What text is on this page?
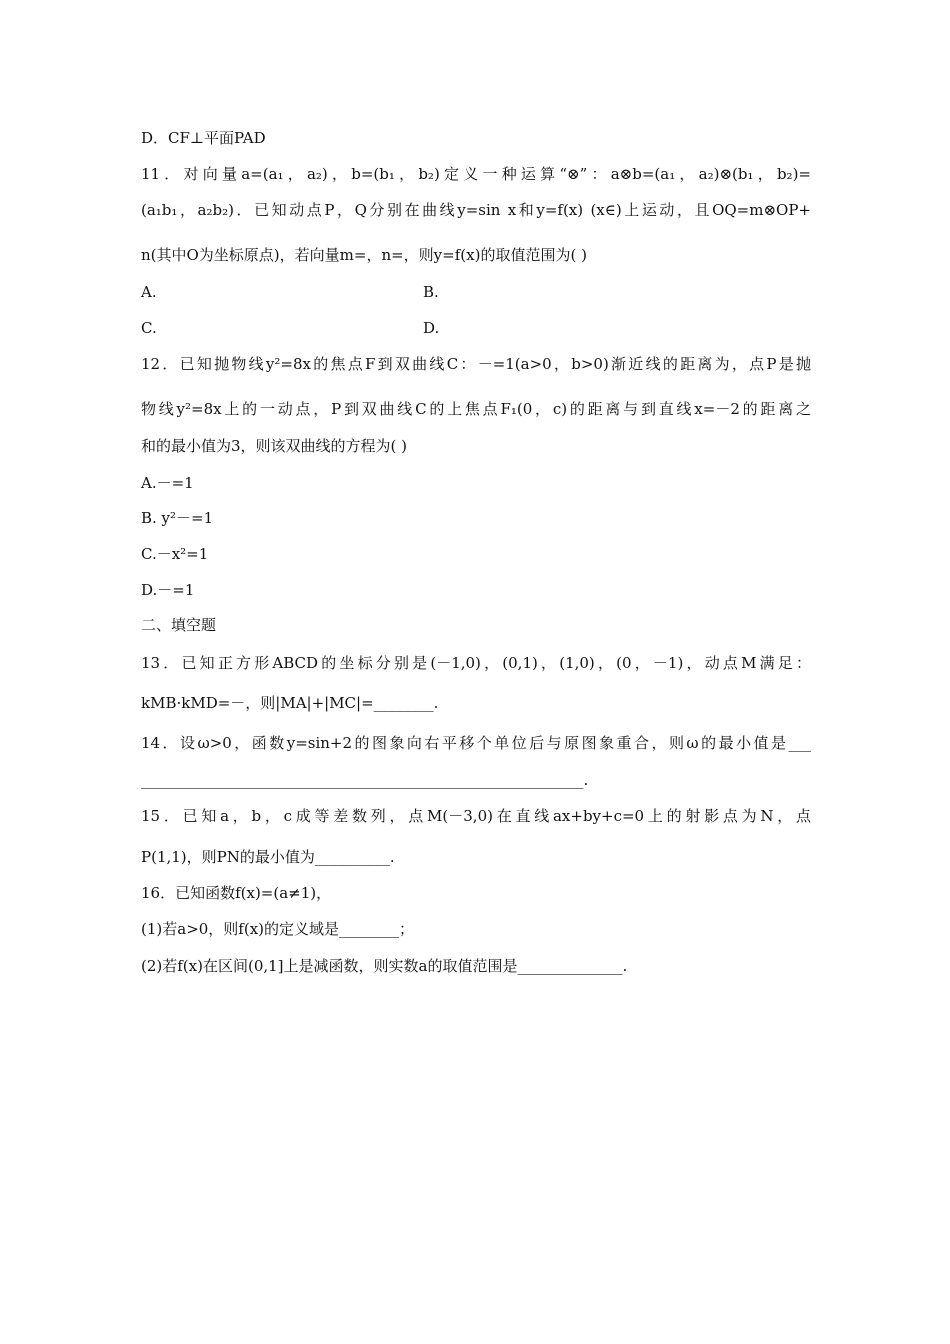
D．CF⊥平面PAD
11．对向量a=(a₁，a₂)，b=(b₁，b₂)定义一种运算“⊗”：a⊗b=(a₁，a₂)⊗(b₁，b₂)=
(a₁b₁，a₂b₂)．已知动点P，Q分别在曲线y=sin x和y=f(x) (x∈)上运动，且OQ=m⊗OP+
n(其中O为坐标原点)，若向量m=，n=，则y=f(x)的取值范围为( )
A.	B.
C.	D.
12．已知抛物线y²=8x的焦点F到双曲线C：－=1(a>0，b>0)渐近线的距离为，点P是抛
物线y²=8x上的一动点，P到双曲线C的上焦点F₁(0，c)的距离与到直线x=－2的距离之
和的最小值为3，则该双曲线的方程为( )
A.－=1
B. y²－=1
C.－x²=1
D.－=1
二、填空题
13．已知正方形ABCD的坐标分别是(－1,0)，(0,1)，(1,0)，(0，－1)，动点M满足：
kMB·kMD=－，则|MA|+|MC|=________.
14．设ω>0，函数y=sin+2的图象向右平移个单位后与原图象重合，则ω的最小值是___
___________________________________________________________.
15．已知a，b，c成等差数列，点M(－3,0)在直线ax+by+c=0上的射影点为N，点
P(1,1)，则PN的最小值为__________.
16．已知函数f(x)=(a≠1)，
(1)若a>0，则f(x)的定义域是________；
(2)若f(x)在区间(0,1]上是减函数，则实数a的取值范围是______________.
